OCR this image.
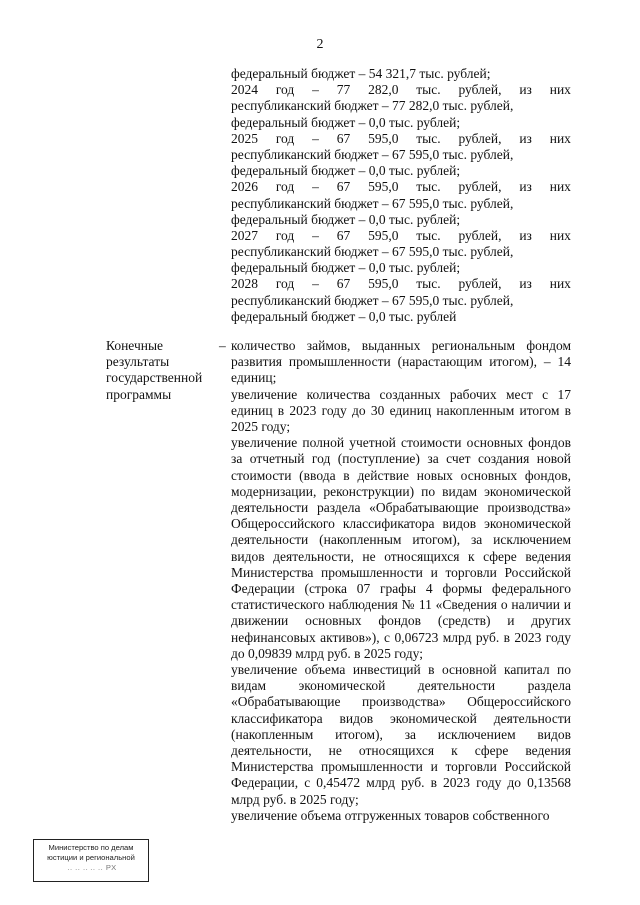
2
федеральный бюджет – 54 321,7 тыс. рублей;
2024 год – 77 282,0 тыс. рублей, из них
республиканский бюджет – 77 282,0 тыс. рублей,
федеральный бюджет – 0,0 тыс. рублей;
2025 год – 67 595,0 тыс. рублей, из них
республиканский бюджет – 67 595,0 тыс. рублей,
федеральный бюджет – 0,0 тыс. рублей;
2026 год – 67 595,0 тыс. рублей, из них
республиканский бюджет – 67 595,0 тыс. рублей,
федеральный бюджет – 0,0 тыс. рублей;
2027 год – 67 595,0 тыс. рублей, из них
республиканский бюджет – 67 595,0 тыс. рублей,
федеральный бюджет – 0,0 тыс. рублей;
2028 год – 67 595,0 тыс. рублей, из них
республиканский бюджет – 67 595,0 тыс. рублей,
федеральный бюджет – 0,0 тыс. рублей
Конечные
результаты
государственной
программы
– количество займов, выданных региональным фондом развития промышленности (нарастающим итогом), – 14 единиц;

увеличение количества созданных рабочих мест с 17 единиц в 2023 году до 30 единиц накопленным итогом в 2025 году;

увеличение полной учетной стоимости основных фондов за отчетный год (поступление) за счет создания новой стоимости (ввода в действие новых основных фондов, модернизации, реконструкции) по видам экономической деятельности раздела «Обрабатывающие производства» Общероссийского классификатора видов экономической деятельности (накопленным итогом), за исключением видов деятельности, не относящихся к сфере ведения Министерства промышленности и торговли Российской Федерации (строка 07 графы 4 формы федерального статистического наблюдения № 11 «Сведения о наличии и движении основных фондов (средств) и других нефинансовых активов»), с 0,06723 млрд руб. в 2023 году до 0,09839 млрд руб. в 2025 году;

увеличение объема инвестиций в основной капитал по видам экономической деятельности раздела «Обрабатывающие производства» Общероссийского классификатора видов экономической деятельности (накопленным итогом), за исключением видов деятельности, не относящихся к сфере ведения Министерства промышленности и торговли Российской Федерации, с 0,45472 млрд руб. в 2023 году до 0,13568 млрд руб. в 2025 году;

увеличение объема отгруженных товаров собственного

Министерство по делам
юстиции и региональной
 .. .. .. .. .. РХ
